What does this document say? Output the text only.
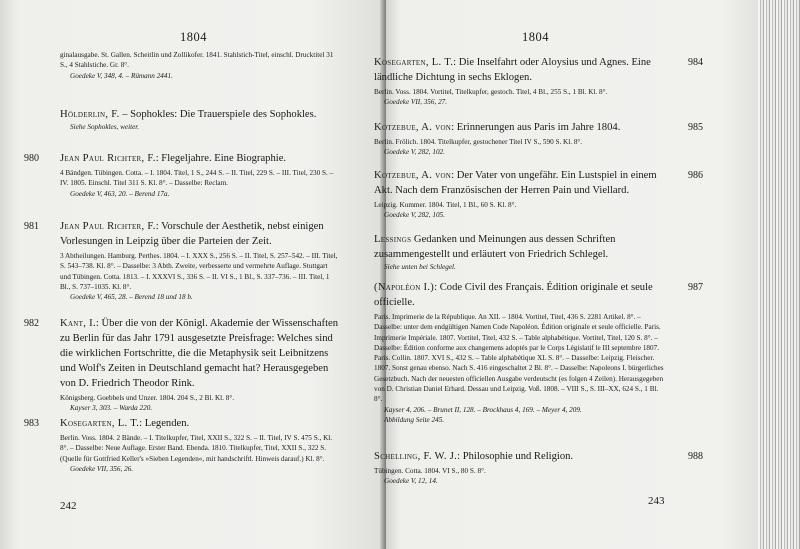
1804

ginalausgabe. St. Gallen. Scheitlin und Zollikofer. 1841. Stahlstich-Titel, einschl. Drucktitel 31 S., 4 Stahlstiche. Gr. 8°.

Goedeke V, 348, 4. – Rümann 2441.

Hölderlin, F. – Sophokles: Die Trauerspiele des Sophokles.

Siehe Sophokles, weiter.

980 Jean Paul Richter, F.: Flegeljahre. Eine Biographie.

4 Bändgen. Tübingen. Cotta. – I. 1804. Titel, 1 S., 244 S. – II. Titel, 229 S. – III. Titel, 230 S. – IV. 1805. Einschl. Titel 311 S. Kl. 8°. – Dasselbe: Reclam.

Goedeke V, 463, 20. – Berend 17a.

981 Jean Paul Richter, F.: Vorschule der Aesthetik, nebst einigen Vorlesungen in Leipzig über die Parteien der Zeit.

3 Abtheilungen. Hamburg. Perthes. 1804. – I. XXX S., 256 S. – II. Titel, S. 257–542. – III. Titel, S. 543–738. Kl. 8°. – Dasselbe: 3 Abth. Zweite, verbesserte und vermehrte Auflage. Stuttgart und Tübingen. Cotta. 1813. – I. XXXVI S., 336 S. – II. VI S., 1 Bl., S. 337–736. – III. Titel, 1 Bl., S. 737–1035. Kl. 8°.

Goedeke V, 465, 28. – Berend 18 und 18 b.

982 Kant, I.: Über die von der Königl. Akademie der Wissenschaften zu Berlin für das Jahr 1791 ausgesetzte Preisfrage: Welches sind die wirklichen Fortschritte, die die Metaphysik seit Leibnitzens und Wolf's Zeiten in Deutschland gemacht hat? Herausgegeben von D. Friedrich Theodor Rink.

Königsberg. Goebbels und Unzer. 1804. 204 S., 2 Bl. Kl. 8°.

Kayser 3, 303. – Warda 220.

983 Kosegarten, L. T.: Legenden.

Berlin. Voss. 1804. 2 Bände. – I. Titelkupfer, Titel, XXII S., 322 S. – II. Titel, IV S. 475 S., Kl. 8°. – Dasselbe: Neue Auflage. Erster Band. Ebenda. 1810. Titelkupfer, Titel, XXII S., 322 S. (Quelle für Gottfried Keller's »Sieben Legenden«, mit handschriftl. Hinweis darauf.) Kl. 8°.

Goedeke VII, 356, 26.

242
1804
984

Kosegarten, L. T.: Die Inselfahrt oder Aloysius und Agnes. Eine ländliche Dichtung in sechs Eklogen.

Berlin. Voss. 1804. Vortitel, Titelkupfer, gestoch. Titel, 4 Bl., 255 S., 1 Bl. Kl. 8°.

Goedeke VII, 356, 27.

985

Kotzebue, A. von: Erinnerungen aus Paris im Jahre 1804.

Berlin. Frölich. 1804. Titelkupfer, gestochener Titel IV S., 590 S. Kl. 8°.

Goedeke V, 282, 102.

986

Kotzebue, A. von: Der Vater von ungefähr. Ein Lustspiel in einem Akt. Nach dem Französischen der Herren Pain und Viellard.

Leipzig. Kummer. 1804. Titel, 1 Bl., 60 S. Kl. 8°.

Goedeke V, 282, 105.

Lessings Gedanken und Meinungen aus dessen Schriften zusammengestellt und erläutert von Friedrich Schlegel.

Siehe unten bei Schlegel.

987

(Napoléon I.): Code Civil des Français. Édition originale et seule officielle.

Paris. Imprimerie de la République. An XII. – 1804. Vortitel, Titel, 436 S. 2281 Artikel. 8°. – Dasselbe: unter dem endgültigen Namen Code Napoléon. Édition originale et seule officielle. Paris. Imprimerie Impériale. 1807. Vortitel, Titel, 432 S. – Table alphabétique. Vortitel, Titel, 120 S. 8°. – Dasselbe: Édition conforme aux changemens adoptés par le Corps Législatif le III septembre 1807. Paris. Collin. 1807. XVI S., 432 S. – Table alphabétique XL S. 8°. – Dasselbe: Leipzig. Fleischer. 1807. Sonst genau ebenso. Nach S. 416 eingeschaltet 2 Bl. 8°. – Dasselbe: Napoleons I. bürgerliches Gesetzbuch. Nach der neuesten officiellen Ausgabe verdeutscht (es folgen 4 Zeilen). Herausgegeben von D. Christian Daniel Erhard. Dessau und Leipzig. Voß. 1808. – VIII S., S. III–XX, 624 S., 1 Bl. 8°.

Kayser 4, 206. – Brunet II, 128. – Brockhaus 4, 169. – Meyer 4, 209.

Abbildung Seite 245.

988

Schelling, F. W. J.: Philosophie und Religion.

Tübingen. Cotta. 1804. VI S., 80 S. 8°.

Goedeke V, 12, 14.

243
